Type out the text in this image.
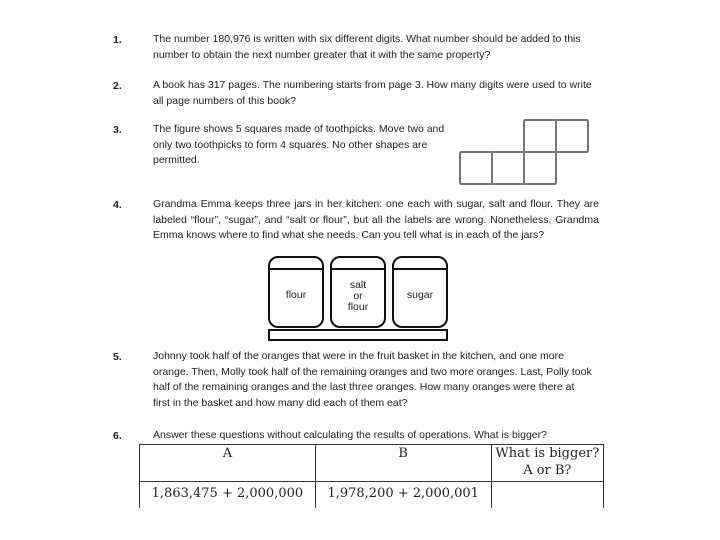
1.	The number 180,976 is written with six different digits. What number should be added to this number to obtain the next number greater that it with the same property?
2.	A book has 317 pages. The numbering starts from page 3. How many digits were used to write all page numbers of this book?
3.	The figure shows 5 squares made of toothpicks. Move two and only two toothpicks to form 4 squares. No other shapes are permitted.
4.	Grandma Emma keeps three jars in her kitchen: one each with sugar, salt and flour. They are labeled “flour”, “sugar”, and “salt or flour”, but all the labels are wrong. Nonetheless, Grandma Emma knows where to find what she needs. Can you tell what is in each of the jars?
flour
salt
or
flour
sugar
5.	Johnny took half of the oranges that were in the fruit basket in the kitchen, and one more orange. Then, Molly took half of the remaining oranges and two more oranges. Last, Polly took half of the remaining oranges and the last three oranges. How many oranges were there at first in the basket and how many did each of them eat?
6.	Answer these questions without calculating the results of operations. What is bigger?
A	B	What is bigger? A or B?
1,863,475 + 2,000,000	1,978,200 + 2,000,001	
